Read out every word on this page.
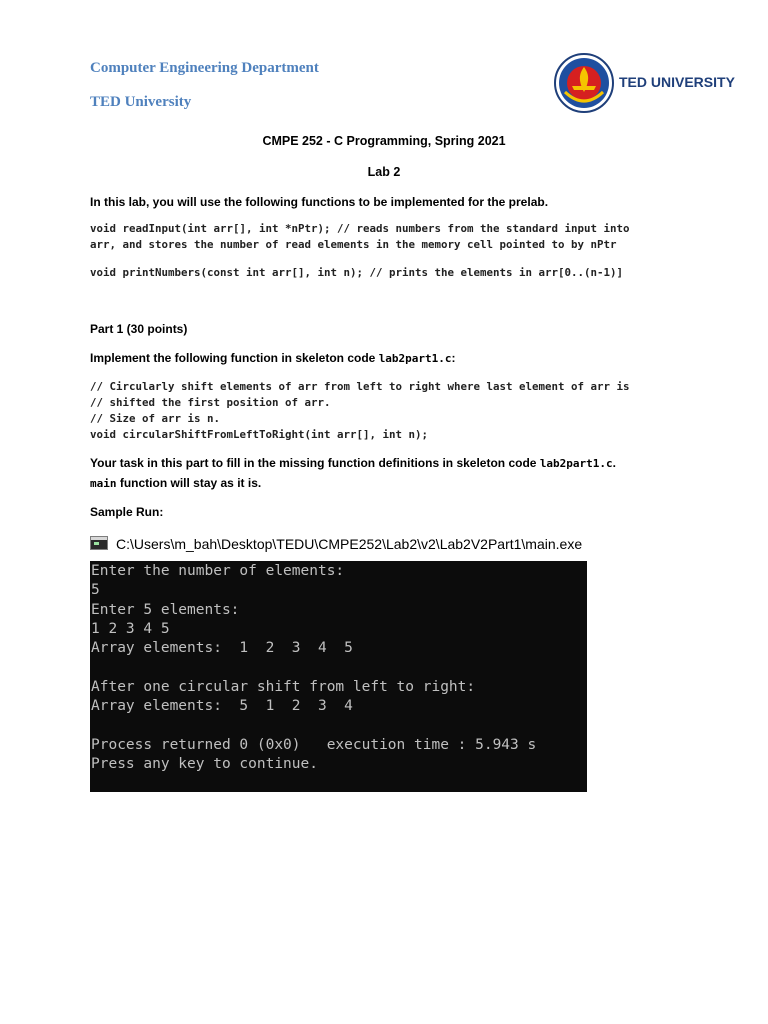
Computer Engineering Department
TED University
TED UNIVERSITY
CMPE 252 - C Programming, Spring 2021
Lab 2
In this lab, you will use the following functions to be implemented for the prelab.
void readInput(int arr[], int *nPtr); // reads numbers from the standard input into
arr, and stores the number of read elements in the memory cell pointed to by nPtr
void printNumbers(const int arr[], int n); // prints the elements in arr[0..(n-1)]
Part 1 (30 points)
Implement the following function in skeleton code lab2part1.c:
// Circularly shift elements of arr from left to right where last element of arr is
// shifted the first position of arr.
// Size of arr is n.
void circularShiftFromLeftToRight(int arr[], int n);
Your task in this part to fill in the missing function definitions in skeleton code lab2part1.c.
main function will stay as it is.
Sample Run:
C:\Users\m_bah\Desktop\TEDU\CMPE252\Lab2\v2\Lab2V2Part1\main.exe
Enter the number of elements:
5
Enter 5 elements:
1 2 3 4 5
Array elements:  1  2  3  4  5
After one circular shift from left to right:
Array elements:  5  1  2  3  4
Process returned 0 (0x0)   execution time : 5.943 s
Press any key to continue.
